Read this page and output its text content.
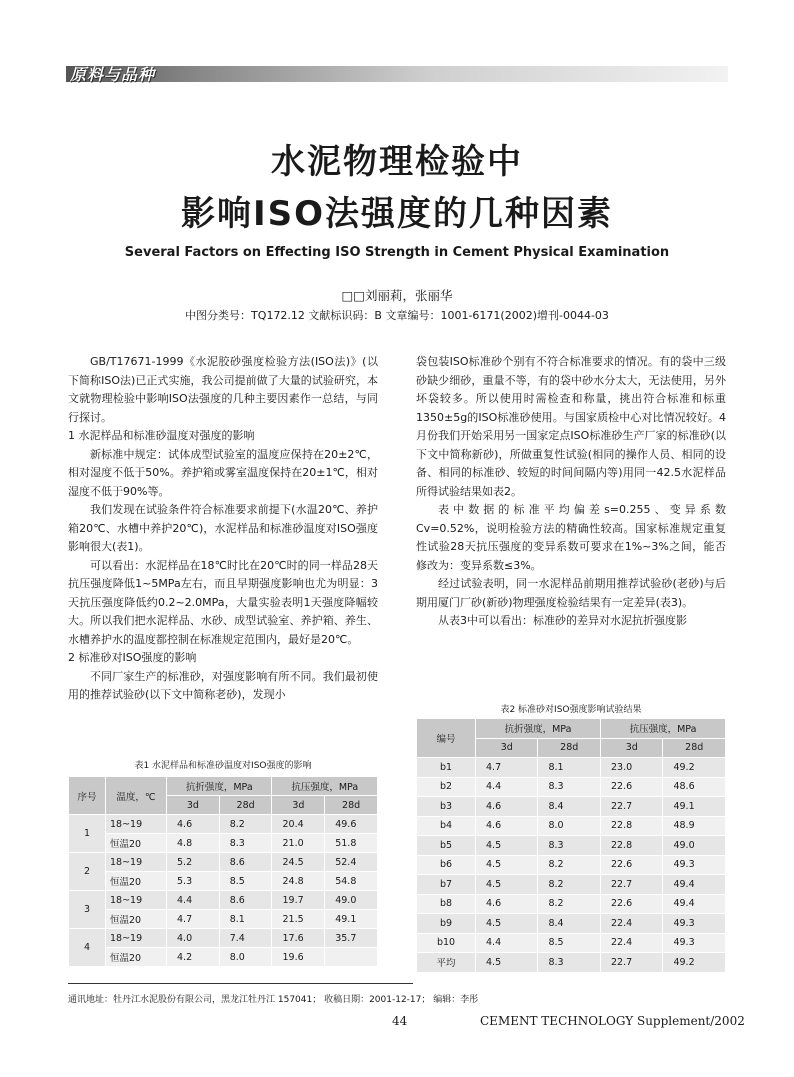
原料与品种
水泥物理检验中
影响ISO法强度的几种因素
Several Factors on Effecting ISO Strength in Cement Physical Examination
□□刘丽莉，张丽华
中图分类号：TQ172.12 文献标识码：B 文章编号：1001-6171(2002)增刊-0044-03

GB/T17671-1999《水泥胶砂强度检验方法(ISO法)》(以下简称ISO法)已正式实施，我公司提前做了大量的试验研究，本文就物理检验中影响ISO法强度的几种主要因素作一总结，与同行探讨。

1 水泥样品和标准砂温度对强度的影响

新标准中规定：试体成型试验室的温度应保持在20±2℃，相对湿度不低于50%。养护箱或雾室温度保持在20±1℃，相对湿度不低于90%等。

我们发现在试验条件符合标准要求前提下(水温20℃、养护箱20℃、水槽中养护20℃)，水泥样品和标准砂温度对ISO强度影响很大(表1)。

可以看出：水泥样品在18℃时比在20℃时的同一样品28天抗压强度降低1~5MPa左右，而且早期强度影响也尤为明显：3天抗压强度降低约0.2~2.0MPa，大量实验表明1天强度降幅较大。所以我们把水泥样品、水砂、成型试验室、养护箱、养生、水槽养护水的温度都控制在标准规定范围内，最好是20℃。

2 标准砂对ISO强度的影响

不同厂家生产的标准砂，对强度影响有所不同。我们最初使用的推荐试验砂(以下文中简称老砂)，发现小

袋包装ISO标准砂个别有不符合标准要求的情况。有的袋中三级砂缺少细砂，重量不等，有的袋中砂水分太大，无法使用，另外坏袋较多。所以使用时需检查和称量，挑出符合标准和标重1350±5g的ISO标准砂使用。与国家质检中心对比情况较好。4月份我们开始采用另一国家定点ISO标准砂生产厂家的标准砂(以下文中简称新砂)，所做重复性试验(相同的操作人员、相同的设备、相同的标准砂、较短的时间间隔内等)用同一42.5水泥样品所得试验结果如表2。

表中数据的标准平均偏差s=0.255、变异系数Cv=0.52%，说明检验方法的精确性较高。国家标准规定重复性试验28天抗压强度的变异系数可要求在1%~3%之间，能否修改为：变异系数≤3%。

经过试验表明，同一水泥样品前期用推荐试验砂(老砂)与后期用厦门厂砂(新砂)物理强度检验结果有一定差异(表3)。

从表3中可以看出：标准砂的差异对水泥抗折强度影

表1 水泥样品和标准砂温度对ISO强度的影响
序号	温度，℃	抗折强度，MPa		抗压强度，MPa	
		3d	28d	3d	28d
1	18~19	4.6	8.2	20.4	49.6
	恒温20	4.8	8.3	21.0	51.8
2	18~19	5.2	8.6	24.5	52.4
	恒温20	5.3	8.5	24.8	54.8
3	18~19	4.4	8.6	19.7	49.0
	恒温20	4.7	8.1	21.5	49.1
4	18~19	4.0	7.4	17.6	35.7
	恒温20	4.2	8.0	19.6	
表2 标准砂对ISO强度影响试验结果
编号	抗折强度，MPa		抗压强度，MPa	
	3d	28d	3d	28d
b1	4.7	8.1	23.0	49.2
b2	4.4	8.3	22.6	48.6
b3	4.6	8.4	22.7	49.1
b4	4.6	8.0	22.8	48.9
b5	4.5	8.3	22.8	49.0
b6	4.5	8.2	22.6	49.3
b7	4.5	8.2	22.7	49.4
b8	4.6	8.2	22.6	49.4
b9	4.5	8.4	22.4	49.3
b10	4.4	8.5	22.4	49.3
平均	4.5	8.3	22.7	49.2
通讯地址：牡丹江水泥股份有限公司，黑龙江牡丹江 157041； 收稿日期：2001-12-17； 编辑：李彤
44	CEMENT TECHNOLOGY Supplement/2002
